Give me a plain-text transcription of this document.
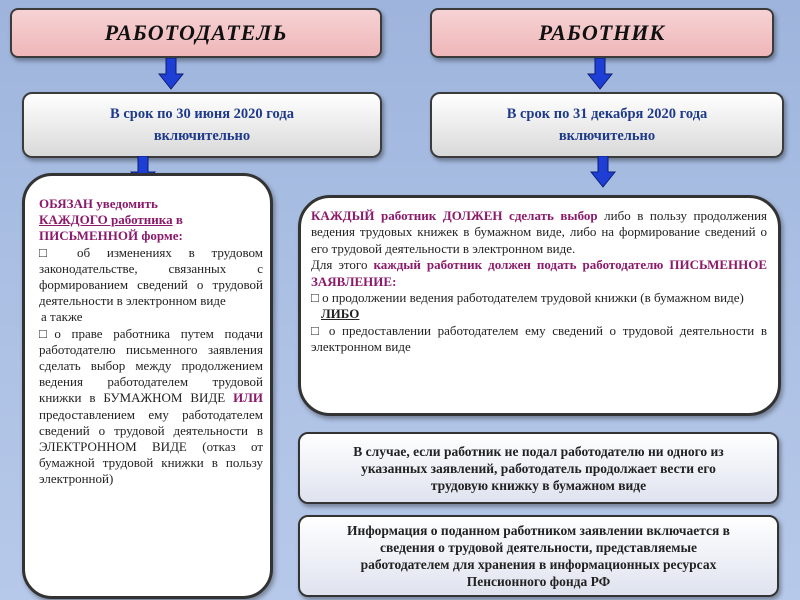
РАБОТОДАТЕЛЬ	РАБОТНИК
В срок по 30 июня 2020 года
включительно
В срок по 31 декабря 2020 года
включительно
ОБЯЗАН уведомить
КАЖДОГО работника в
ПИСЬМЕННОЙ форме:
□ об изменениях в трудовом законодательстве, связанных с формированием сведений о трудовой деятельности в электронном виде
а также
□о праве работника путем подачи работодателю письменного заявления сделать выбор между продолжением ведения работодателем трудовой книжки в БУМАЖНОМ ВИДЕ ИЛИ предоставлением ему работодателем сведений о трудовой деятельности в ЭЛЕКТРОННОМ ВИДЕ (отказ от бумажной трудовой книжки в пользу электронной)
КАЖДЫЙ работник ДОЛЖЕН сделать выбор либо в пользу продолжения ведения трудовых книжек в бумажном виде, либо на формирование сведений о его трудовой деятельности в электронном виде.
Для этого каждый работник должен подать работодателю ПИСЬМЕННОЕ ЗАЯВЛЕНИЕ:
□ о продолжении ведения работодателем трудовой книжки (в бумажном виде)
ЛИБО
□ о предоставлении работодателем ему сведений о трудовой деятельности в электронном виде
В случае, если работник не подал работодателю ни одного из
указанных заявлений, работодатель продолжает вести его
трудовую книжку в бумажном виде
Информация о поданном работником заявлении включается в
сведения о трудовой деятельности, представляемые
работодателем для хранения в информационных ресурсах
Пенсионного фонда РФ
